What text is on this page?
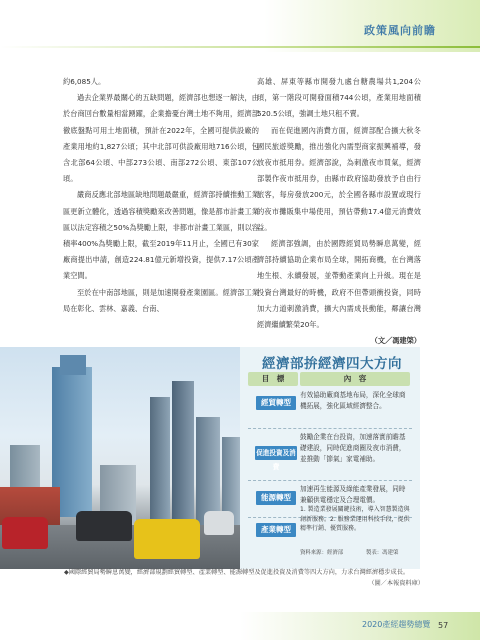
政策風向前瞻

約6,085人。

過去企業界最關心的五缺問題，經濟部也想逐一解決，由於台商回台數量相當踴躍，企業擔憂台灣土地不夠用，經濟部徹底盤點可用土地面積，預計在2022年，全國可提供設廠的產業用地約1,827公頃；其中北部可供設廠用地716公頃，包含北部64公頃、中部273公頃、南部272公頃、東部107公頃。

嚴商反應北部地區缺地問題最嚴重，經濟部持續推動工業區更新立體化，透過容積獎勵來改善問題，像是都市計畫工業區以法定容積之50%為獎勵上限，非都市計畫工業區，則以容積率400%為獎勵上限，截至2019年11月止，全國已有30家廠商提出申請，創造224.81億元新增投資，提供7.17公頃產業空間。

至於在中南部地區，則是加速開發產業園區。經濟部工業局在彰化、雲林、嘉義、台南、

高雄、屏東等縣市開發九處台糖農場共1,204公頃，第一階段可開發面積744公頃，產業用地面積520.5公頃，強調土地只租不賣。

而在促進國內消費方面，經濟部配合擴大秋冬國民旅遊獎勵，推出強化內需型商家振興補導，發放夜市抵用券。經濟部說，為刺激夜市買氣，經濟部製作夜市抵用券，由縣市政府協助發放予自由行旅客，每房發放200元，於全國各縣市設置或現行的夜市攤販集中場使用，預估帶動17.4億元消費效益。

經濟部強調，由於國際經貿局勢瞬息萬變，經濟部持續協助企業布局全球，開拓商機，在台灣落地生根、永續發展，並帶動產業向上升級。現在是投資台灣最好的時機，政府不但帶頭衝投資，同時加大力道刺激消費，擴大內需成長動能，鄰讓台灣經濟繼續繁榮20年。

（文／馮建棨）

經濟部拚經濟四大方向
目　標	內　容
經貿轉型
有效協助廠商基地布局，深化全球商機拓展，強化區域經濟整合。
促進投資及消費
鼓勵企業在台投資，加速落實前瞻基礎建設，同時促進商圈及夜市消費，並推動「節氣」家電補助。
能源轉型
加速再生能源及綠能產業發展，同時兼顧供電穩定及合理電價。
產業轉型
1. 製造業發展關鍵技術，導入智慧製造與創新服務。2. 服務業運用科技手段，提供精準行銷、優質服務。
資料來源：經濟部	製表：馮建棨
◆國際經貿局勢瞬息萬變，經濟部規劃經貿轉型、產業轉型、能源轉型及促進投資及消費等四大方向，力求台灣經濟穩步成長。
（圖／本報資料庫）
2020產經趨勢總覽 57
